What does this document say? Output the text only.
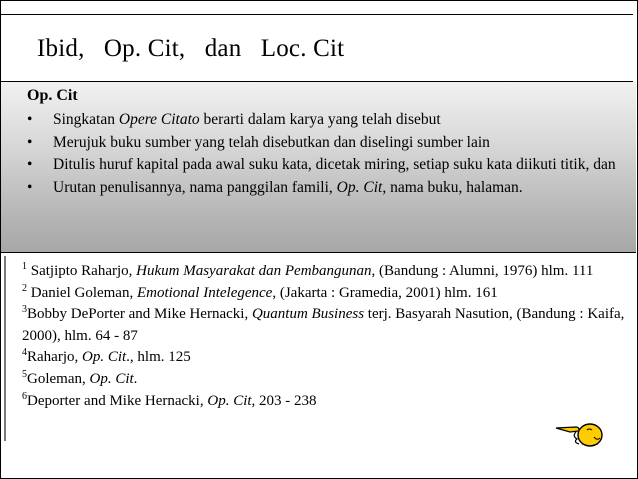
Ibid,   Op. Cit,   dan   Loc. Cit
Op. Cit
• Singkatan Opere Citato berarti dalam karya yang telah disebut
• Merujuk buku sumber yang telah disebutkan dan diselingi sumber lain
• Ditulis huruf kapital pada awal suku kata, dicetak miring, setiap suku kata diikuti titik, dan
• Urutan penulisannya, nama panggilan famili, Op. Cit, nama buku, halaman.
$^1$ Satjipto Raharjo, Hukum Masyarakat dan Pembangunan, (Bandung : Alumni, 1976) hlm. 111
$^2$ Daniel Goleman, Emotional Intelegence, (Jakarta : Gramedia, 2001) hlm. 161
$^3$Bobby DePorter and Mike Hernacki, Quantum Business terj. Basyarah Nasution, (Bandung : Kaifa, 2000), hlm. 64 - 87
$^4$Raharjo, Op. Cit., hlm. 125
$^5$Goleman, Op. Cit.
$^6$Deporter and Mike Hernacki, Op. Cit, 203 - 238
